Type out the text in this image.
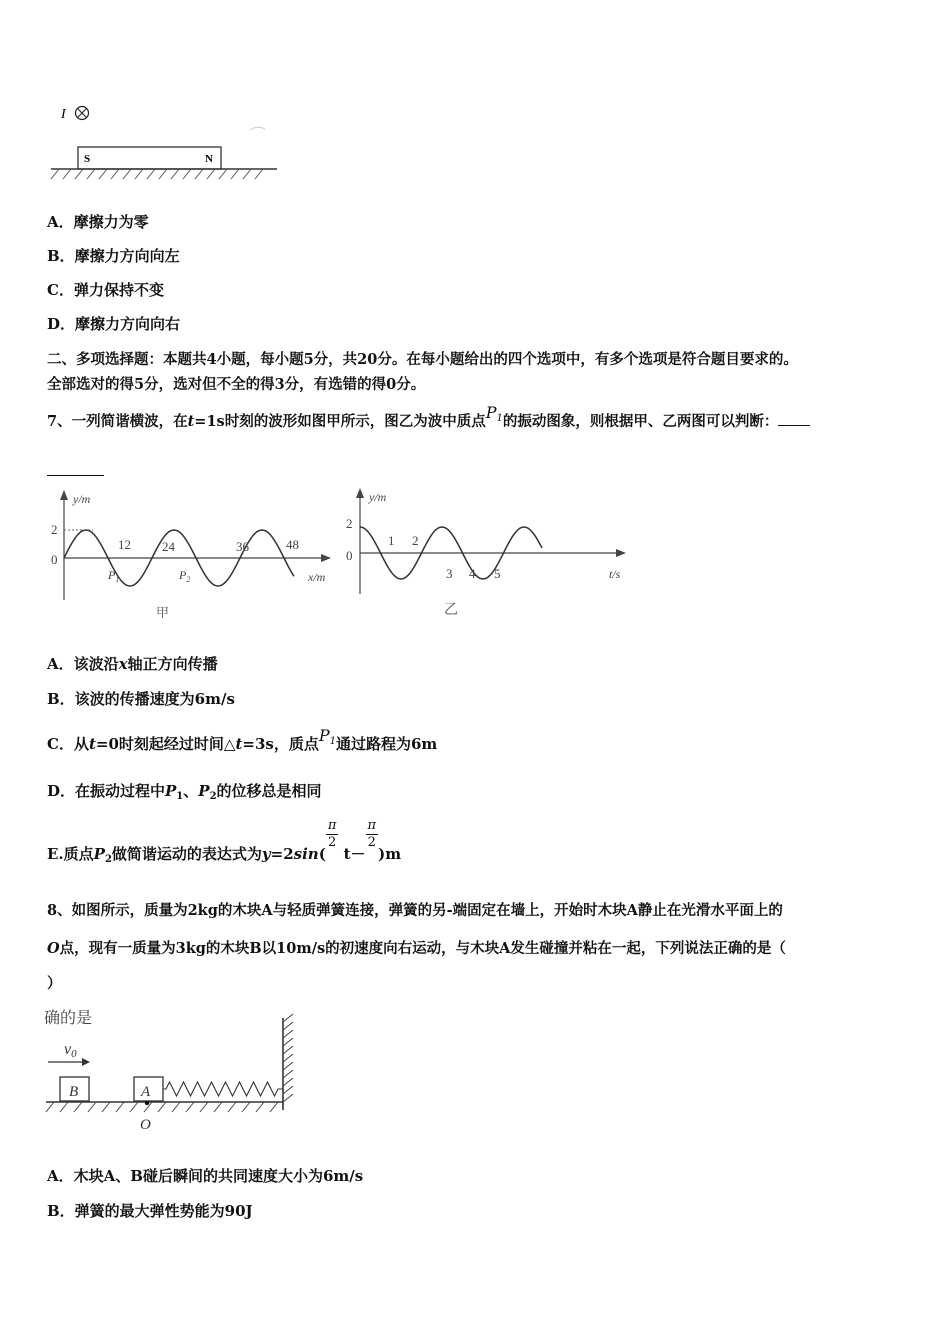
I
S	N
A．摩擦力为零
B．摩擦力方向向左
C．弹力保持不变
D．摩擦力方向向右
二、多项选择题：本题共4小题，每小题5分，共20分。在每小题给出的四个选项中，有多个选项是符合题目要求的。
全部选对的得5分，选对但不全的得3分，有选错的得0分。
7、一列简谐横波，在t=1s时刻的波形如图甲所示，图乙为波中质点$P_1$的振动图象，则根据甲、乙两图可以判断：
y/m
2
0
12 24	36	48
$P_1$	$P_2$	x/m
甲
y/m
2
0
1 2
3 4 5	t/s
乙
A．该波沿x轴正方向传播
B．该波的传播速度为6m/s
C．从t=0时刻起经过时间△t=3s，质点$P_1$通过路程为6m
D．在振动过程中$P_1$、$P_2$的位移总是相同
E.质点$P_2$做简谐运动的表达式为y=2sin(
$\frac{\pi}{2}$
t－
$\frac{\pi}{2}$
)m
8、如图所示，质量为2kg的木块A与轻质弹簧连接，弹簧的另-端固定在墙上，开始时木块A静止在光滑水平面上的
O点，现有一质量为3kg的木块B以10m/s的初速度向右运动，与木块A发生碰撞并粘在一起，下列说法正确的是（
）
确的是
v0
B	A
O
A．木块A、B碰后瞬间的共同速度大小为6m/s
B．弹簧的最大弹性势能为90J
